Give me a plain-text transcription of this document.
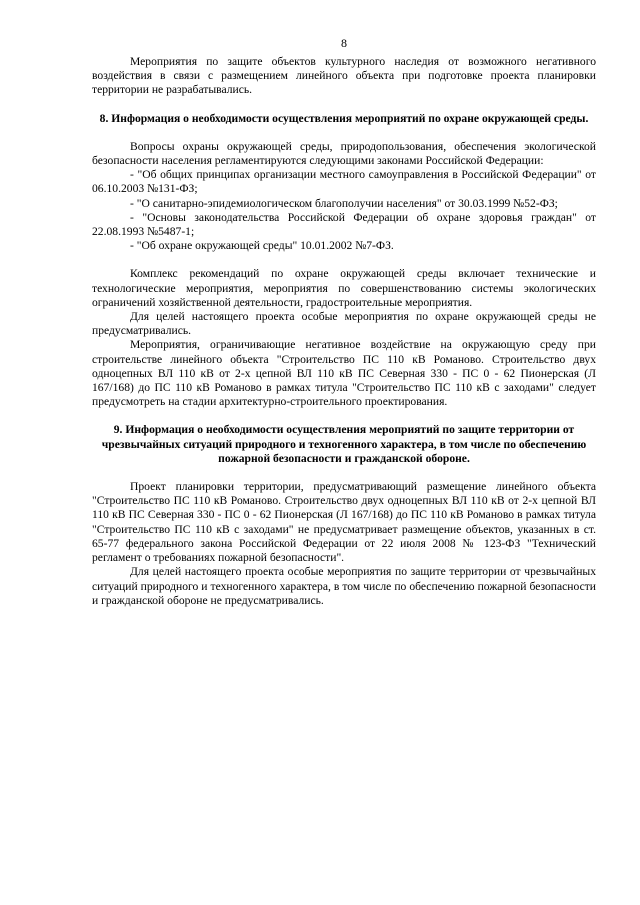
8

Мероприятия по защите объектов культурного наследия от возможного негативного воздействия в связи с размещением линейного объекта при подготовке проекта планировки территории не разрабатывались.

8. Информация о необходимости осуществления мероприятий по охране окружающей среды.

Вопросы охраны окружающей среды, природопользования, обеспечения экологической безопасности населения регламентируются следующими законами Российской Федерации:

- "Об общих принципах организации местного самоуправления в Российской Федерации" от 06.10.2003 №131-ФЗ;

- "О санитарно-эпидемиологическом благополучии населения" от 30.03.1999 №52-ФЗ;

- "Основы законодательства Российской Федерации об охране здоровья граждан" от 22.08.1993 №5487-1;

- "Об охране окружающей среды" 10.01.2002 №7-ФЗ.

Комплекс рекомендаций по охране окружающей среды включает технические и технологические мероприятия, мероприятия по совершенствованию системы экологических ограничений хозяйственной деятельности, градостроительные мероприятия.

Для целей настоящего проекта особые мероприятия по охране окружающей среды не предусматривались.

Мероприятия, ограничивающие негативное воздействие на окружающую среду при строительстве линейного объекта "Строительство ПС 110 кВ Романово. Строительство двух одноцепных ВЛ 110 кВ от 2-х цепной ВЛ 110 кВ ПС Северная 330 - ПС 0 - 62 Пионерская (Л 167/168) до ПС 110 кВ Романово в рамках титула "Строительство ПС 110 кВ с заходами" следует предусмотреть на стадии архитектурно-строительного проектирования.

9. Информация о необходимости осуществления мероприятий по защите территории от чрезвычайных ситуаций природного и техногенного характера, в том числе по обеспечению пожарной безопасности и гражданской обороне.

Проект планировки территории, предусматривающий размещение линейного объекта "Строительство ПС 110 кВ Романово. Строительство двух одноцепных ВЛ 110 кВ от 2-х цепной ВЛ 110 кВ ПС Северная 330 - ПС 0 - 62 Пионерская (Л 167/168) до ПС 110 кВ Романово в рамках титула "Строительство ПС 110 кВ с заходами" не предусматривает размещение объектов, указанных в ст. 65-77 федерального закона Российской Федерации от 22 июля 2008 № 123-ФЗ "Технический регламент о требованиях пожарной безопасности".

Для целей настоящего проекта особые мероприятия по защите территории от чрезвычайных ситуаций природного и техногенного характера, в том числе по обеспечению пожарной безопасности и гражданской обороне не предусматривались.
